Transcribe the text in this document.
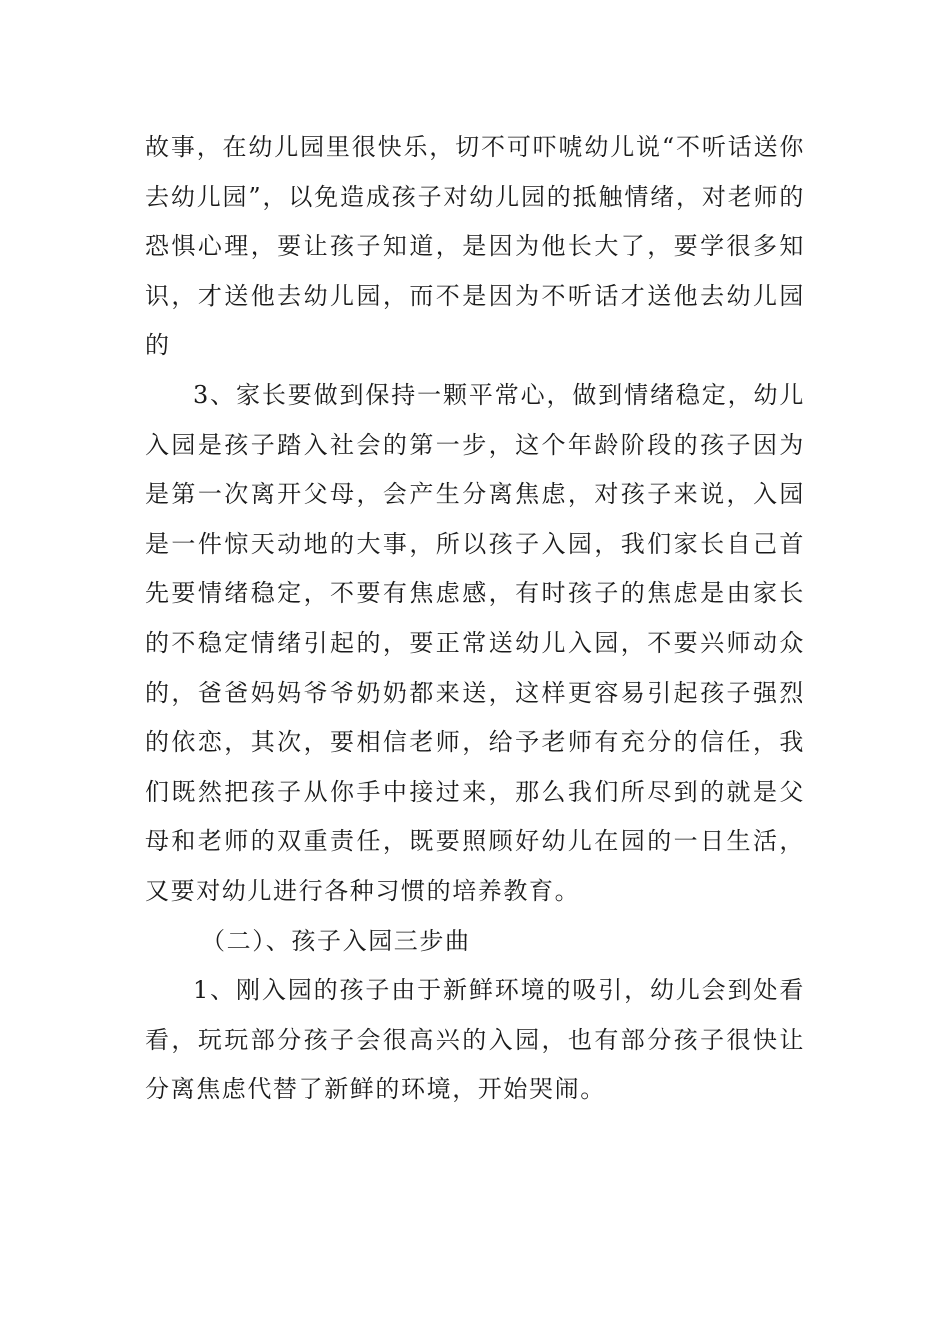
故事，在幼儿园里很快乐，切不可吓唬幼儿说“不听话送你去幼儿园”，以免造成孩子对幼儿园的抵触情绪，对老师的恐惧心理，要让孩子知道，是因为他长大了，要学很多知识，才送他去幼儿园，而不是因为不听话才送他去幼儿园的

3、家长要做到保持一颗平常心，做到情绪稳定，幼儿入园是孩子踏入社会的第一步，这个年龄阶段的孩子因为是第一次离开父母，会产生分离焦虑，对孩子来说，入园是一件惊天动地的大事，所以孩子入园，我们家长自己首先要情绪稳定，不要有焦虑感，有时孩子的焦虑是由家长的不稳定情绪引起的，要正常送幼儿入园，不要兴师动众的，爸爸妈妈爷爷奶奶都来送，这样更容易引起孩子强烈的依恋，其次，要相信老师，给予老师有充分的信任，我们既然把孩子从你手中接过来，那么我们所尽到的就是父母和老师的双重责任，既要照顾好幼儿在园的一日生活，又要对幼儿进行各种习惯的培养教育。

（二）、孩子入园三步曲

1、刚入园的孩子由于新鲜环境的吸引，幼儿会到处看看，玩玩部分孩子会很高兴的入园，也有部分孩子很快让分离焦虑代替了新鲜的环境，开始哭闹。
